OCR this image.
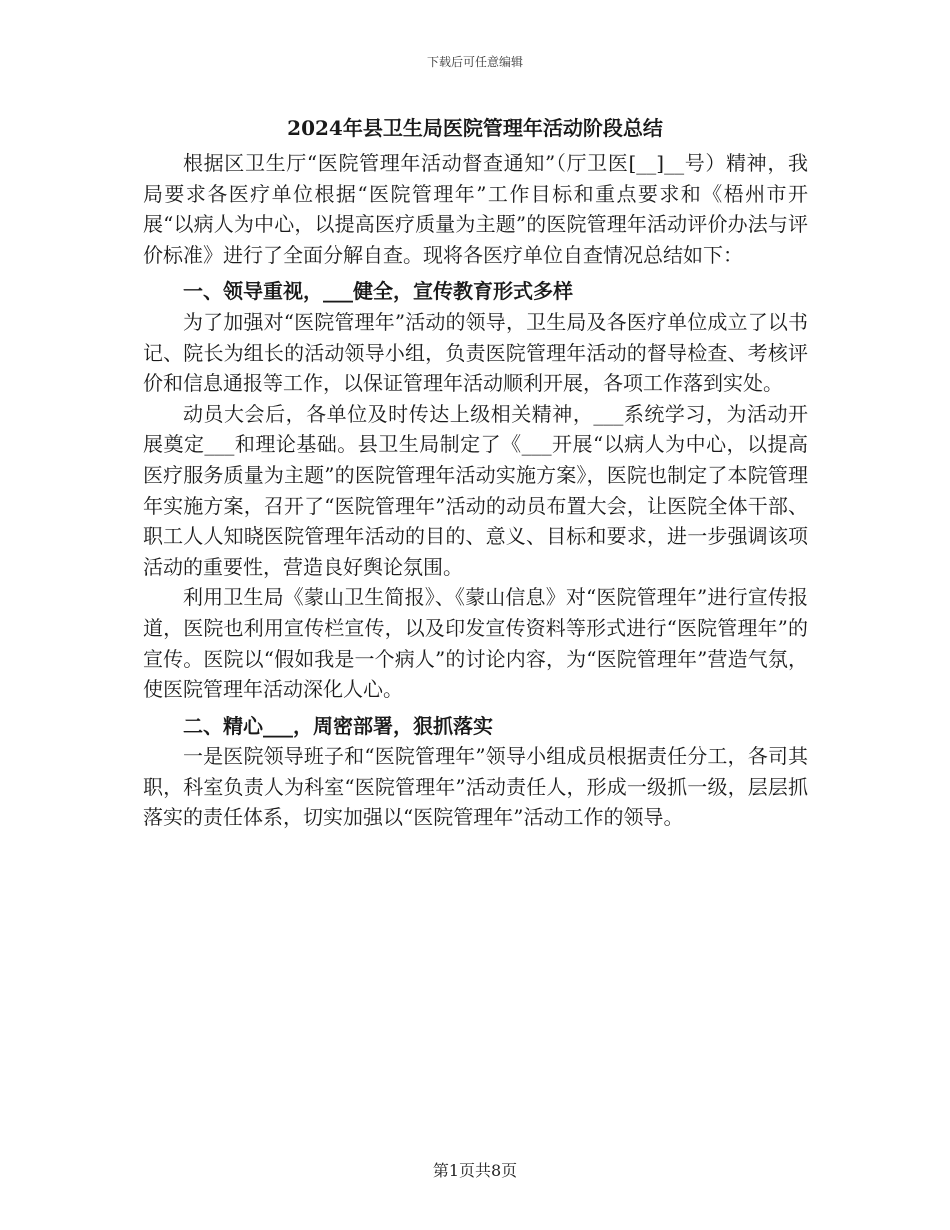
下载后可任意编辑
2024年县卫生局医院管理年活动阶段总结

根据区卫生厅“医院管理年活动督查通知”（厅卫医[__]__号）精神，我局要求各医疗单位根据“医院管理年”工作目标和重点要求和《梧州市开展“以病人为中心，以提高医疗质量为主题”的医院管理年活动评价办法与评价标准》进行了全面分解自查。现将各医疗单位自查情况总结如下：

一、领导重视，___健全，宣传教育形式多样

为了加强对“医院管理年”活动的领导，卫生局及各医疗单位成立了以书记、院长为组长的活动领导小组，负责医院管理年活动的督导检查、考核评价和信息通报等工作，以保证管理年活动顺利开展，各项工作落到实处。

动员大会后，各单位及时传达上级相关精神，___系统学习，为活动开展奠定___和理论基础。县卫生局制定了《___开展“以病人为中心，以提高医疗服务质量为主题”的医院管理年活动实施方案》，医院也制定了本院管理年实施方案，召开了“医院管理年”活动的动员布置大会，让医院全体干部、职工人人知晓医院管理年活动的目的、意义、目标和要求，进一步强调该项活动的重要性，营造良好舆论氛围。

利用卫生局《蒙山卫生简报》、《蒙山信息》对“医院管理年”进行宣传报道，医院也利用宣传栏宣传，以及印发宣传资料等形式进行“医院管理年”的宣传。医院以“假如我是一个病人”的讨论内容，为“医院管理年”营造气氛，使医院管理年活动深化人心。

二、精心___，周密部署，狠抓落实

一是医院领导班子和“医院管理年”领导小组成员根据责任分工，各司其职，科室负责人为科室“医院管理年”活动责任人，形成一级抓一级，层层抓落实的责任体系，切实加强以“医院管理年”活动工作的领导。

第1页共8页
